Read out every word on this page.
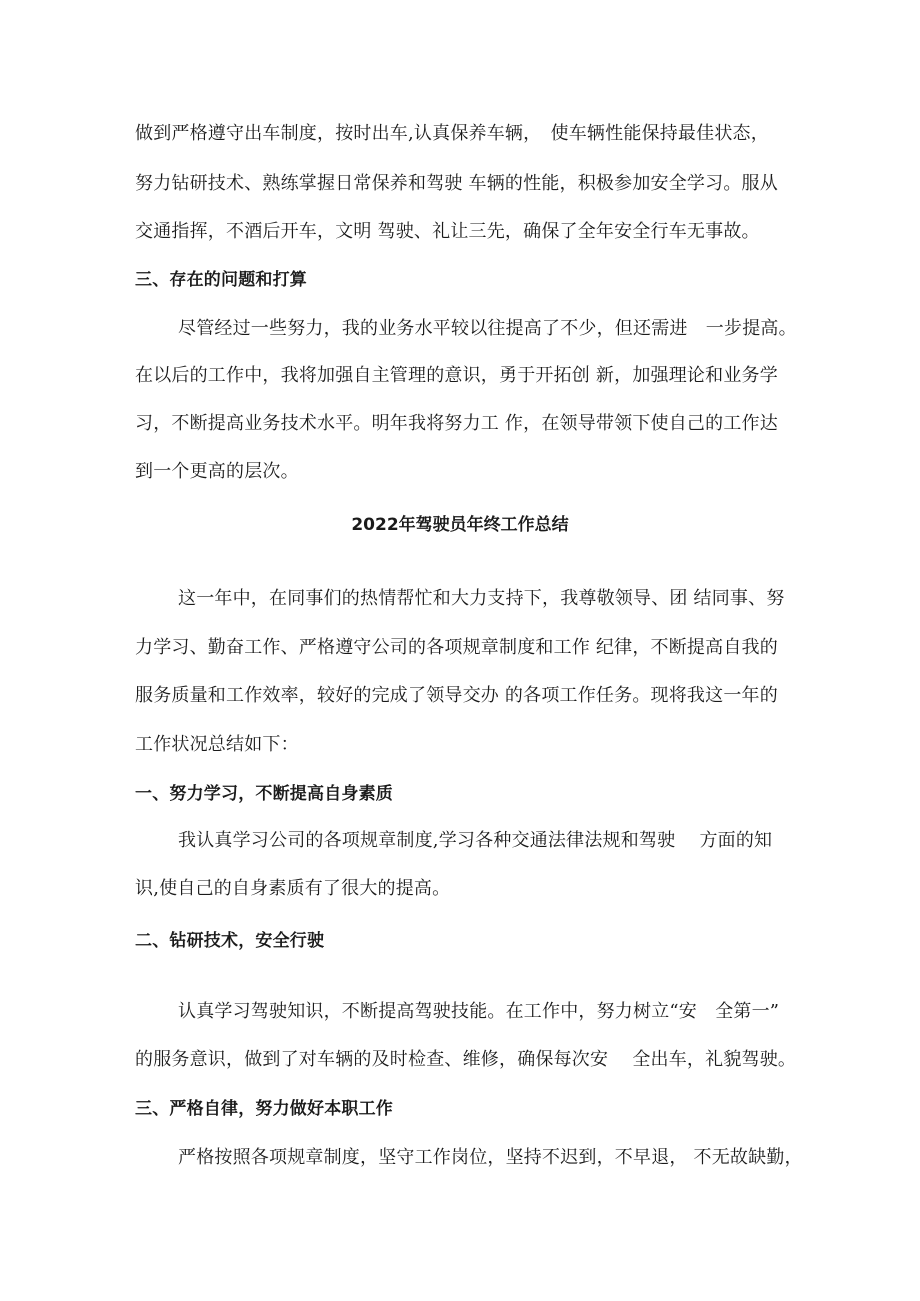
做到严格遵守出车制度，按时出车,认真保养车辆，　使车辆性能保持最佳状态，
努力钻研技术、熟练掌握日常保养和驾驶 车辆的性能，积极参加安全学习。服从
交通指挥，不酒后开车，文明 驾驶、礼让三先，确保了全年安全行车无事故。
三、存在的问题和打算
尽管经过一些努力，我的业务水平较以往提高了不少，但还需进　一步提高。
在以后的工作中，我将加强自主管理的意识，勇于开拓创 新，加强理论和业务学
习，不断提高业务技术水平。明年我将努力工 作，在领导带领下使自己的工作达
到一个更高的层次。
2022年驾驶员年终工作总结
这一年中，在同事们的热情帮忙和大力支持下，我尊敬领导、团 结同事、努
力学习、勤奋工作、严格遵守公司的各项规章制度和工作 纪律，不断提高自我的
服务质量和工作效率，较好的完成了领导交办 的各项工作任务。现将我这一年的
工作状况总结如下：
一、努力学习，不断提高自身素质
我认真学习公司的各项规章制度,学习各种交通法律法规和驾驶　 方面的知
识,使自己的自身素质有了很大的提高。
二、钻研技术，安全行驶
认真学习驾驶知识，不断提高驾驶技能。在工作中，努力树立“安　全第一”
的服务意识，做到了对车辆的及时检查、维修，确保每次安　 全出车，礼貌驾驶。
三、严格自律，努力做好本职工作
严格按照各项规章制度，坚守工作岗位，坚持不迟到，不早退， 不无故缺勤，
